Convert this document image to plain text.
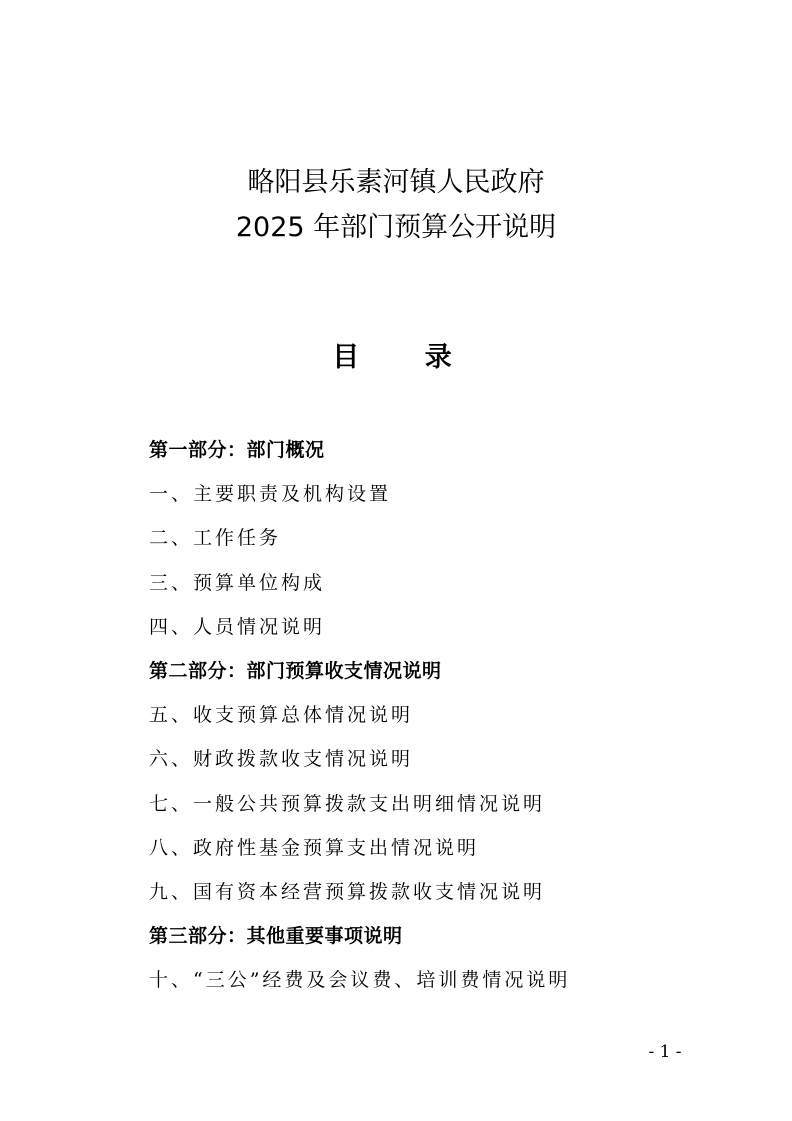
略阳县乐素河镇人民政府
2025 年部门预算公开说明
目 录
第一部分：部门概况
一、主要职责及机构设置
二、工作任务
三、预算单位构成
四、人员情况说明
第二部分：部门预算收支情况说明
五、收支预算总体情况说明
六、财政拨款收支情况说明
七、一般公共预算拨款支出明细情况说明
八、政府性基金预算支出情况说明
九、国有资本经营预算拨款收支情况说明
第三部分：其他重要事项说明
十、“三公”经费及会议费、培训费情况说明
- 1 -
